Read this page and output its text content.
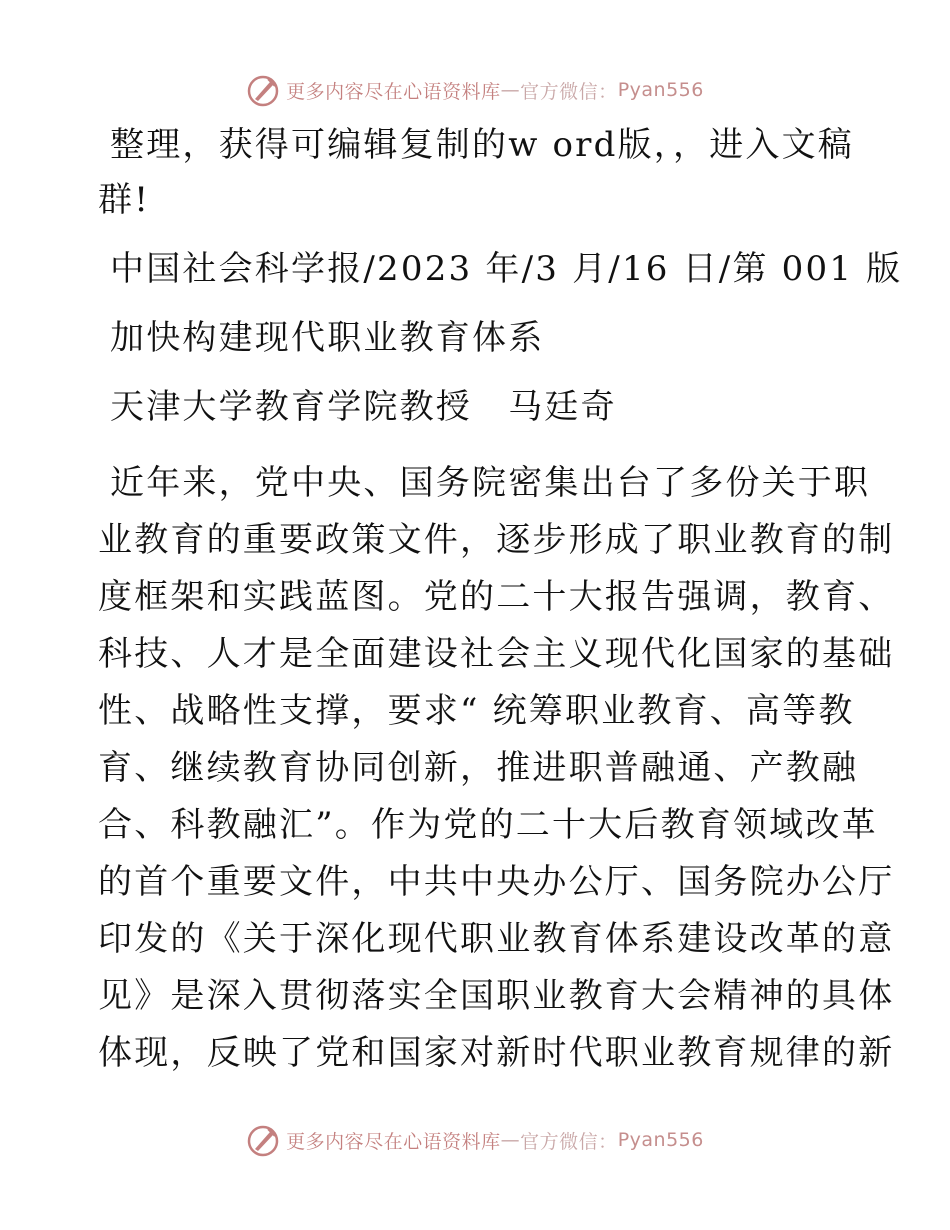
更多内容尽在心语资料库 — 官方微信： Pyan556
整理，获得可编辑复制的w ord版，，进入文稿
群!
中国社会科学报/2023 年/3 月/16 日/第 001 版
加快构建现代职业教育体系
天津大学教育学院教授　马廷奇
近年来，党中央、国务院密集出台了多份关于职
业教育的重要政策文件，逐步形成了职业教育的制
度框架和实践蓝图。党的二十大报告强调，教育、
科技、人才是全面建设社会主义现代化国家的基础
性、战略性支撑，要求“ 统筹职业教育、高等教
育、继续教育协同创新，推进职普融通、产教融
合、科教融汇”。作为党的二十大后教育领域改革
的首个重要文件，中共中央办公厅、国务院办公厅
印发的《关于深化现代职业教育体系建设改革的意
见》是深入贯彻落实全国职业教育大会精神的具体
体现，反映了党和国家对新时代职业教育规律的新
更多内容尽在心语资料库 — 官方微信： Pyan556
